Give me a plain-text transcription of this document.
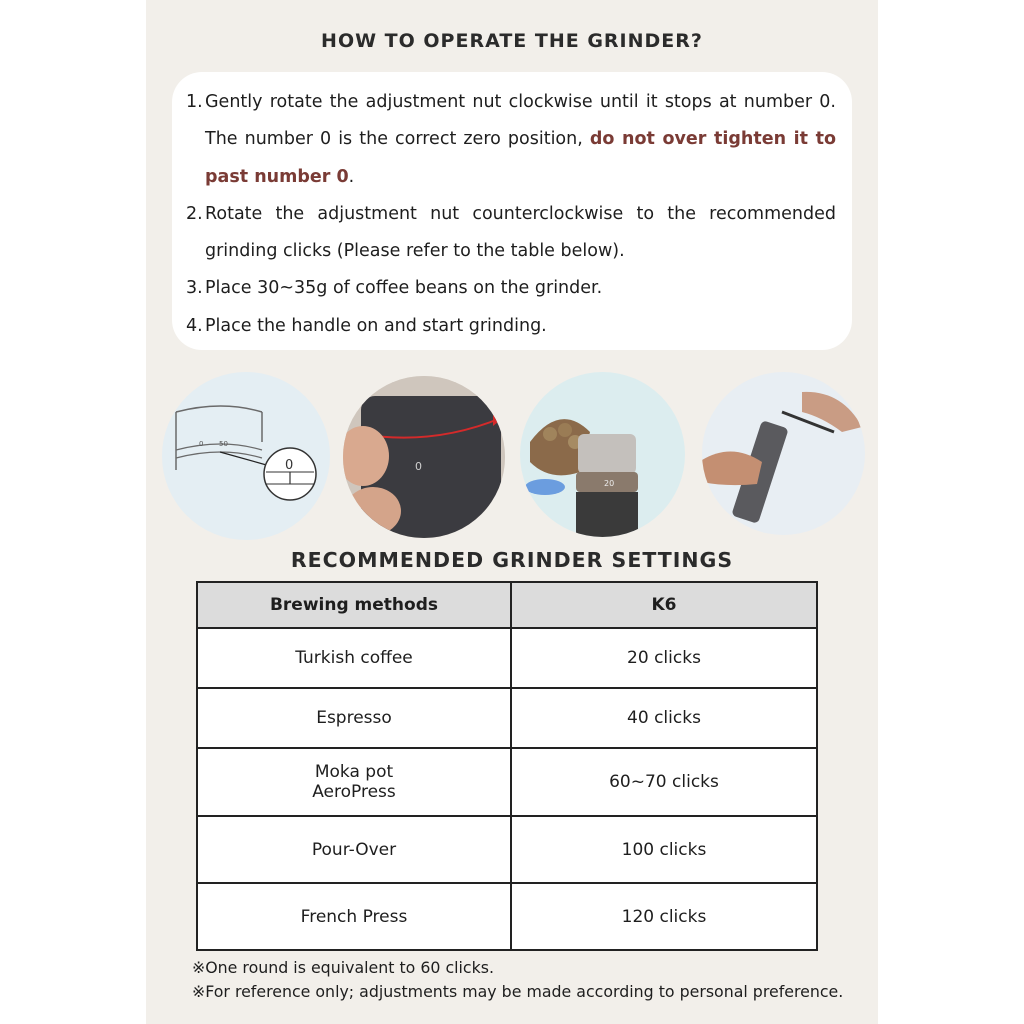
HOW TO OPERATE THE GRINDER?
1. Gently rotate the adjustment nut clockwise until it stops at number 0. The number 0 is the correct zero position, do not over tighten it to past number 0.
2. Rotate the adjustment nut counterclockwise to the recommended grinding clicks (Please refer to the table below).
3. Place 30~35g of coffee beans on the grinder.
4. Place the handle on and start grinding.
0 50
0	0
20
RECOMMENDED GRINDER SETTINGS
Brewing methods	K6
Turkish coffee	20 clicks
Espresso	40 clicks

Moka pot
AeroPress	60~70 clicks
Pour-Over	100 clicks
French Press	120 clicks
※One round is equivalent to 60 clicks.
※For reference only; adjustments may be made according to personal preference.
